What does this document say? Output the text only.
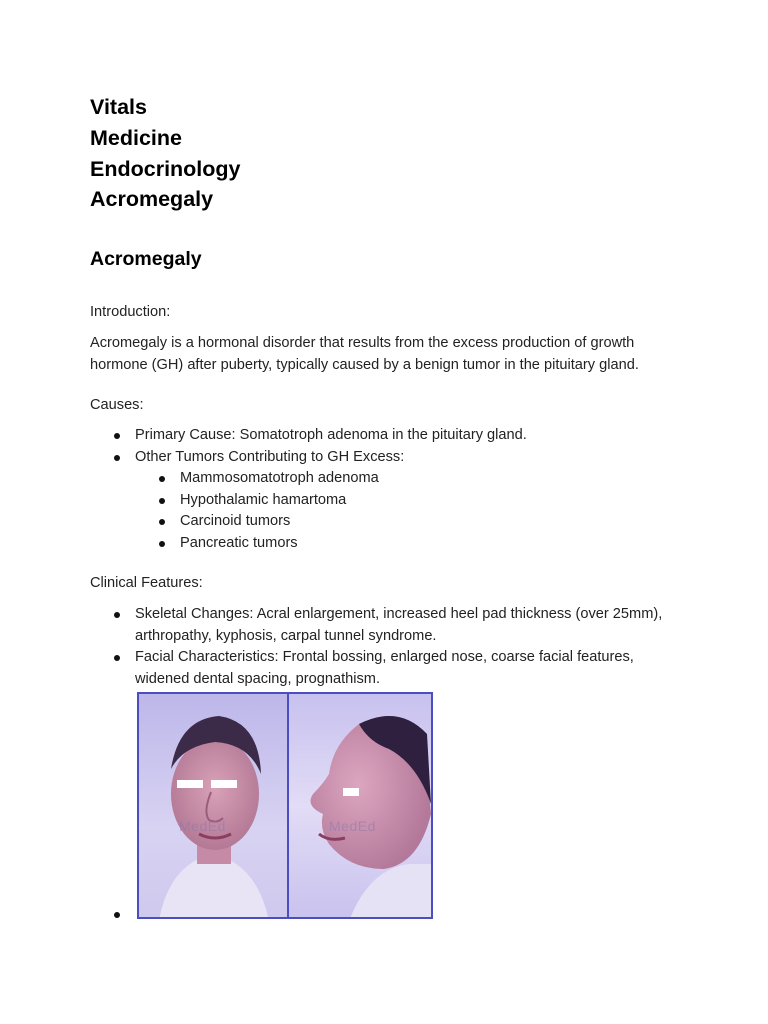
Vitals

Medicine

Endocrinology

Acromegaly

Acromegaly

Introduction:

Acromegaly is a hormonal disorder that results from the excess production of growth hormone (GH) after puberty, typically caused by a benign tumor in the pituitary gland.

Causes:

Primary Cause: Somatotroph adenoma in the pituitary gland.
Other Tumors Contributing to GH Excess:
Mammosomatotroph adenoma
Hypothalamic hamartoma
Carcinoid tumors
Pancreatic tumors

Clinical Features:

Skeletal Changes: Acral enlargement, increased heel pad thickness (over 25mm), arthropathy, kyphosis, carpal tunnel syndrome.
Facial Characteristics: Frontal bossing, enlarged nose, coarse facial features, widened dental spacing, prognathism.
MedEd	MedEd
